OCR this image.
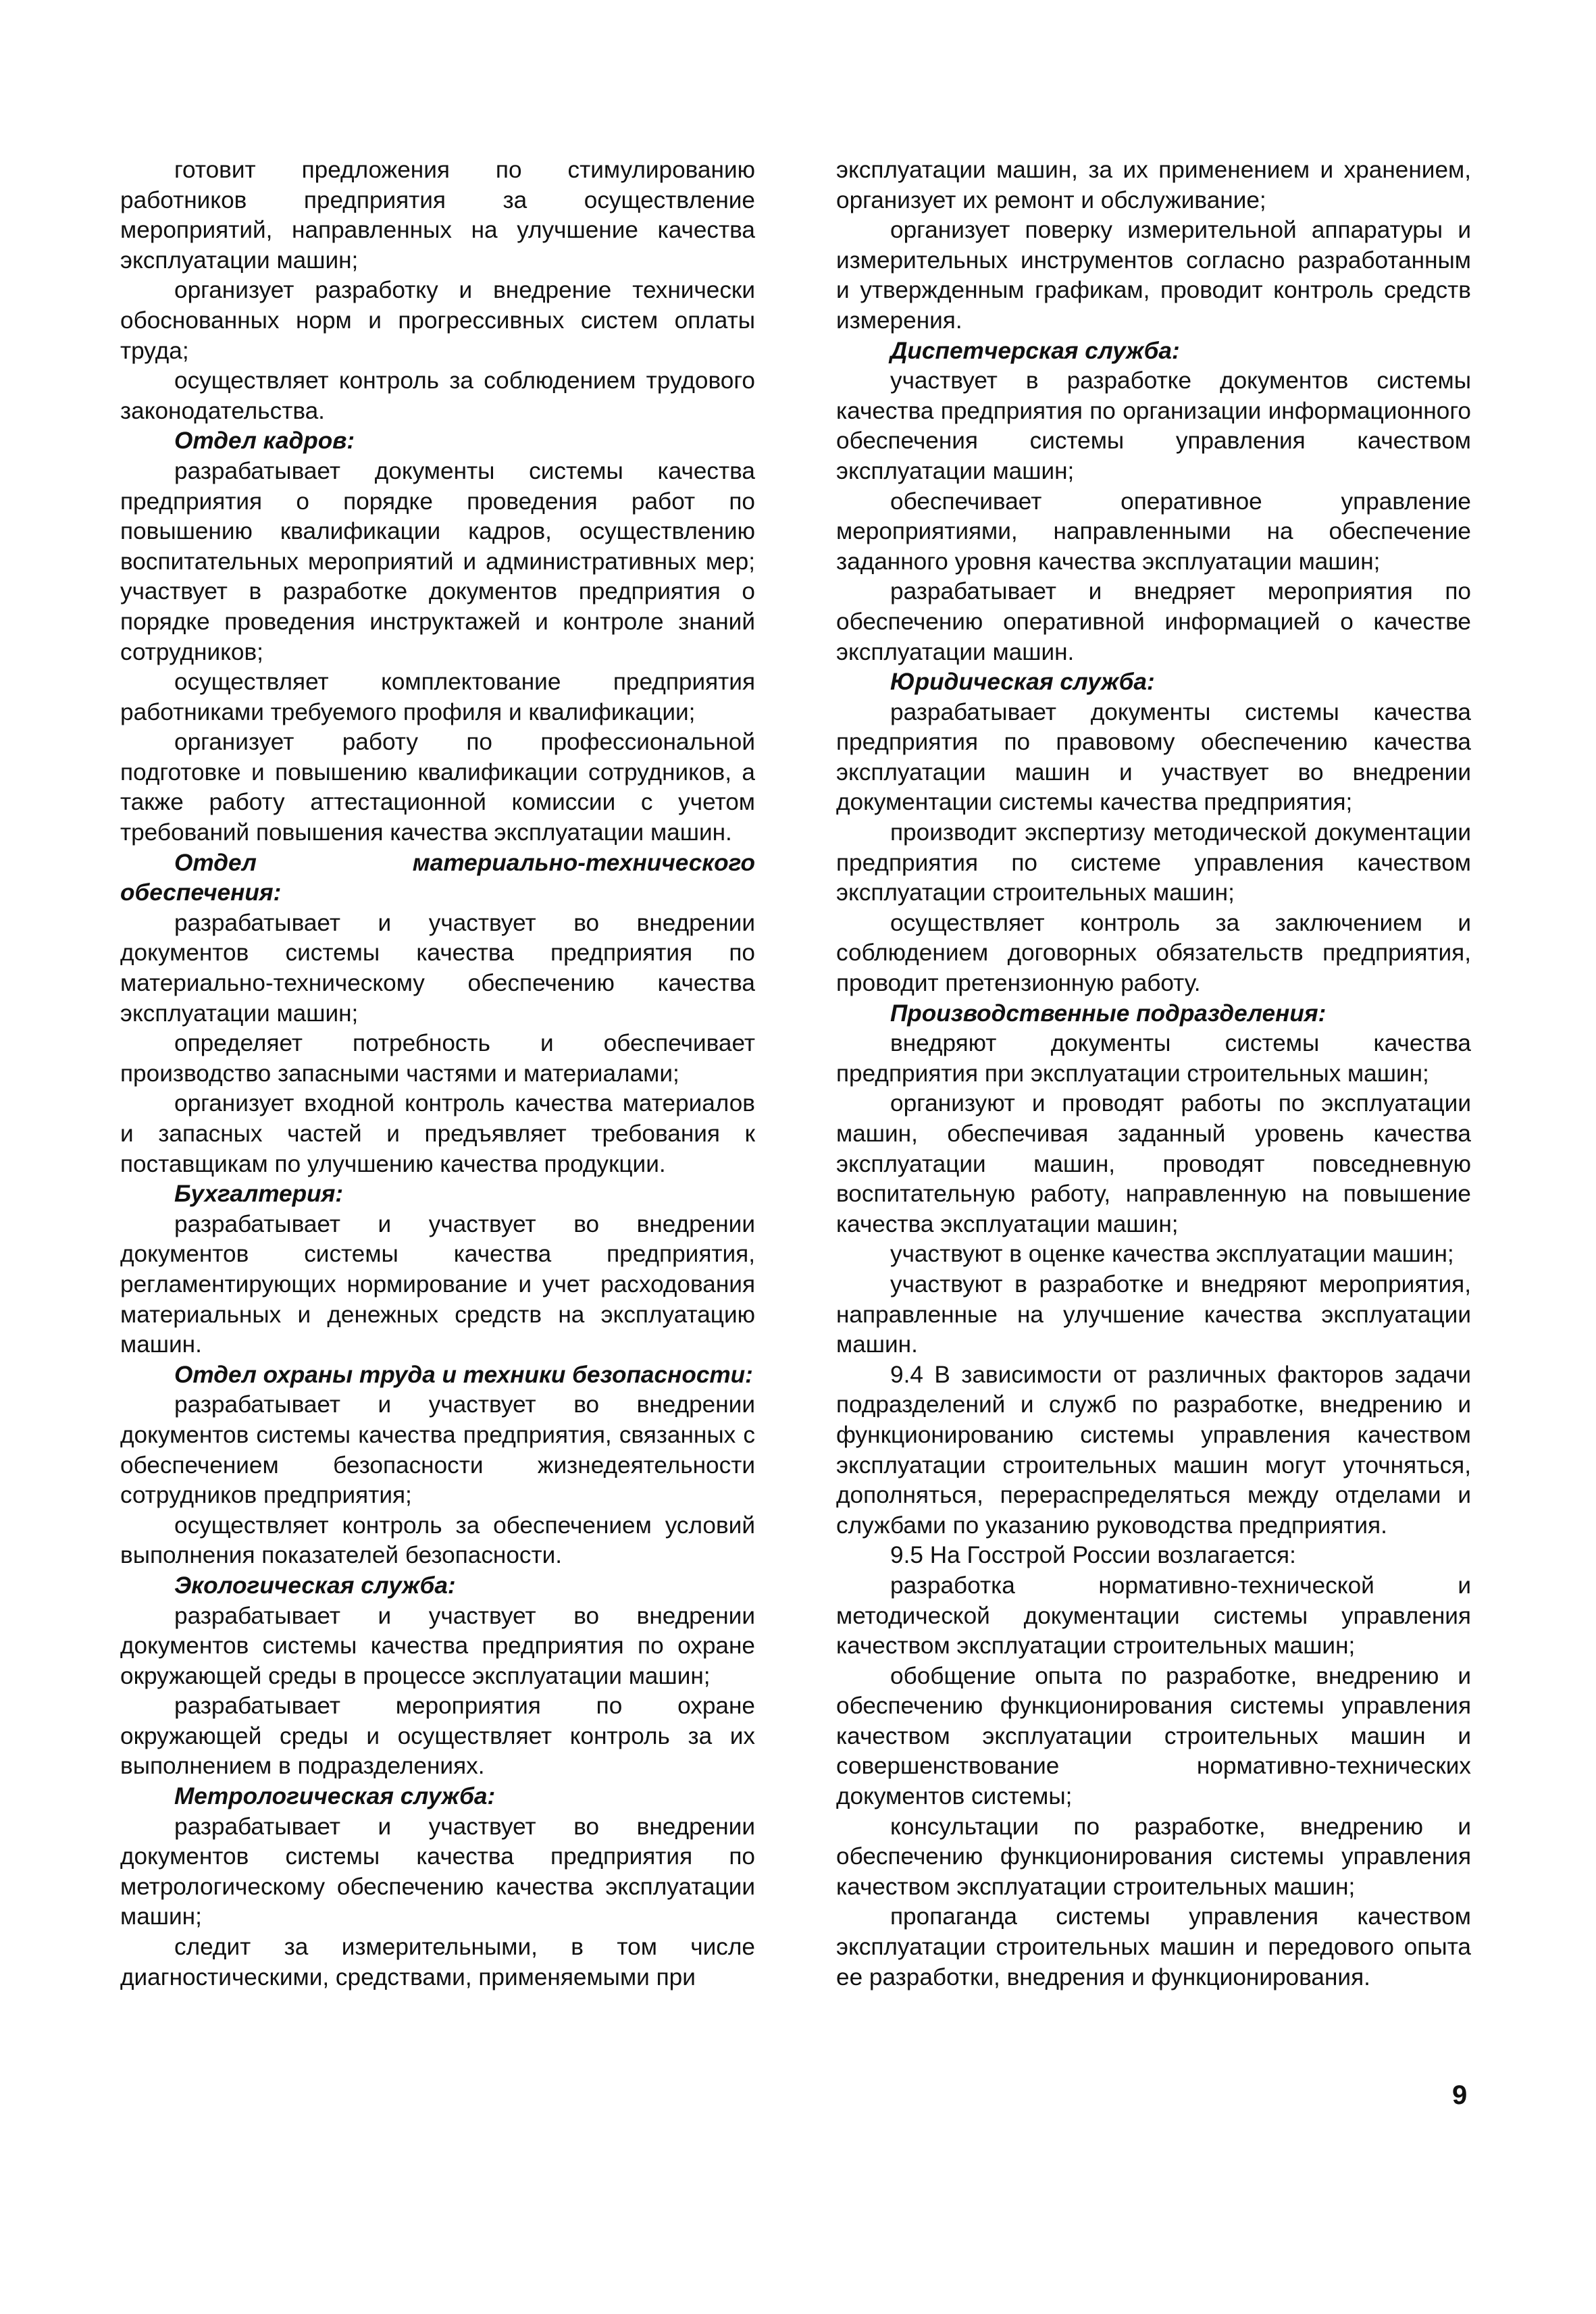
готовит предложения по стимулированию работников предприятия за осуществление мероприятий, направленных на улучшение качества эксплуатации машин;

организует разработку и внедрение технически обоснованных норм и прогрессивных систем оплаты труда;

осуществляет контроль за соблюдением трудового законодательства.

Отдел кадров:

разрабатывает документы системы качества предприятия о порядке проведения работ по повышению квалификации кадров, осуществлению воспитательных мероприятий и административных мер; участвует в разработке документов предприятия о порядке проведения инструктажей и контроле знаний сотрудников;

осуществляет комплектование предприятия работниками требуемого профиля и квалификации;

организует работу по профессиональной подготовке и повышению квалификации сотрудников, а также работу аттестационной комиссии с учетом требований повышения качества эксплуатации машин.

Отдел материально-технического обеспечения:

разрабатывает и участвует во внедрении документов системы качества предприятия по материально-техническому обеспечению качества эксплуатации машин;

определяет потребность и обеспечивает производство запасными частями и материалами;

организует входной контроль качества материалов и запасных частей и предъявляет требования к поставщикам по улучшению качества продукции.

Бухгалтерия:

разрабатывает и участвует во внедрении документов системы качества предприятия, регламентирующих нормирование и учет расходования материальных и денежных средств на эксплуатацию машин.

Отдел охраны труда и техники безопасности:

разрабатывает и участвует во внедрении документов системы качества предприятия, связанных с обеспечением безопасности жизнедеятельности сотрудников предприятия;

осуществляет контроль за обеспечением условий выполнения показателей безопасности.

Экологическая служба:

разрабатывает и участвует во внедрении документов системы качества предприятия по охране окружающей среды в процессе эксплуатации машин;

разрабатывает мероприятия по охране окружающей среды и осуществляет контроль за их выполнением в подразделениях.

Метрологическая служба:

разрабатывает и участвует во внедрении документов системы качества предприятия по метрологическому обеспечению качества эксплуатации машин;

следит за измерительными, в том числе диагностическими, средствами, применяемыми при

эксплуатации машин, за их применением и хранением, организует их ремонт и обслуживание;

организует поверку измерительной аппаратуры и измерительных инструментов согласно разработанным и утвержденным графикам, проводит контроль средств измерения.

Диспетчерская служба:

участвует в разработке документов системы качества предприятия по организации информационного обеспечения системы управления качеством эксплуатации машин;

обеспечивает оперативное управление мероприятиями, направленными на обеспечение заданного уровня качества эксплуатации машин;

разрабатывает и внедряет мероприятия по обеспечению оперативной информацией о качестве эксплуатации машин.

Юридическая служба:

разрабатывает документы системы качества предприятия по правовому обеспечению качества эксплуатации машин и участвует во внедрении документации системы качества предприятия;

производит экспертизу методической документации предприятия по системе управления качеством эксплуатации строительных машин;

осуществляет контроль за заключением и соблюдением договорных обязательств предприятия, проводит претензионную работу.

Производственные подразделения:

внедряют документы системы качества предприятия при эксплуатации строительных машин;

организуют и проводят работы по эксплуатации машин, обеспечивая заданный уровень качества эксплуатации машин, проводят повседневную воспитательную работу, направленную на повышение качества эксплуатации машин;

участвуют в оценке качества эксплуатации машин;

участвуют в разработке и внедряют мероприятия, направленные на улучшение качества эксплуатации машин.

9.4 В зависимости от различных факторов задачи подразделений и служб по разработке, внедрению и функционированию системы управления качеством эксплуатации строительных машин могут уточняться, дополняться, перераспределяться между отделами и службами по указанию руководства предприятия.

9.5 На Госстрой России возлагается:

разработка нормативно-технической и методической документации системы управления качеством эксплуатации строительных машин;

обобщение опыта по разработке, внедрению и обеспечению функционирования системы управления качеством эксплуатации строительных машин и совершенствование нормативно-технических документов системы;

консультации по разработке, внедрению и обеспечению функционирования системы управления качеством эксплуатации строительных машин;

пропаганда системы управления качеством эксплуатации строительных машин и передового опыта ее разработки, внедрения и функционирования.

9
